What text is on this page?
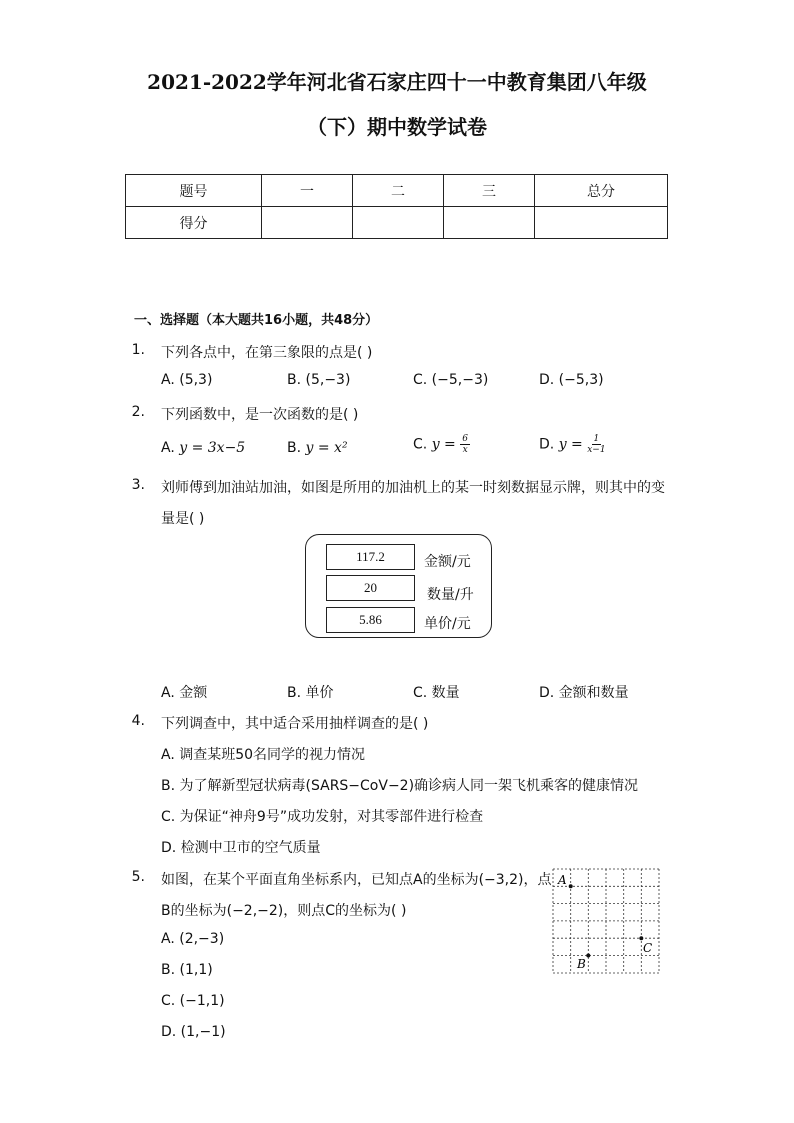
2021-2022学年河北省石家庄四十一中教育集团八年级
（下）期中数学试卷
题号	一	二	三	总分
得分				
一、选择题（本大题共16小题，共48分）
1. 下列各点中，在第三象限的点是( )
A. (5,3)	B. (5,−3)	C. (−5,−3)	D. (−5,3)
2. 下列函数中，是一次函数的是( )
A. y = 3x−5	B. y = x²	C. $y = \frac{6}{x}$	D. $y = \frac{1}{x-1}$
3. 刘师傅到加油站加油，如图是所用的加油机上的某一时刻数据显示牌，则其中的变
量是( )
117.2	金额/元
20	数量/升
5.86	单价/元
A. 金额	B. 单价	C. 数量	D. 金额和数量
4. 下列调查中，其中适合采用抽样调查的是( )
A. 调查某班50名同学的视力情况
B. 为了解新型冠状病毒(SARS−CoV−2)确诊病人同一架飞机乘客的健康情况
C. 为保证“神舟9号”成功发射，对其零部件进行检查
D. 检测中卫市的空气质量
5. 如图，在某个平面直角坐标系内，已知点A的坐标为(−3,2)，点
B的坐标为(−2,−2)，则点C的坐标为( )
A. (2,−3)
B. (1,1)
C. (−1,1)
D. (1,−1)
A
B
C
